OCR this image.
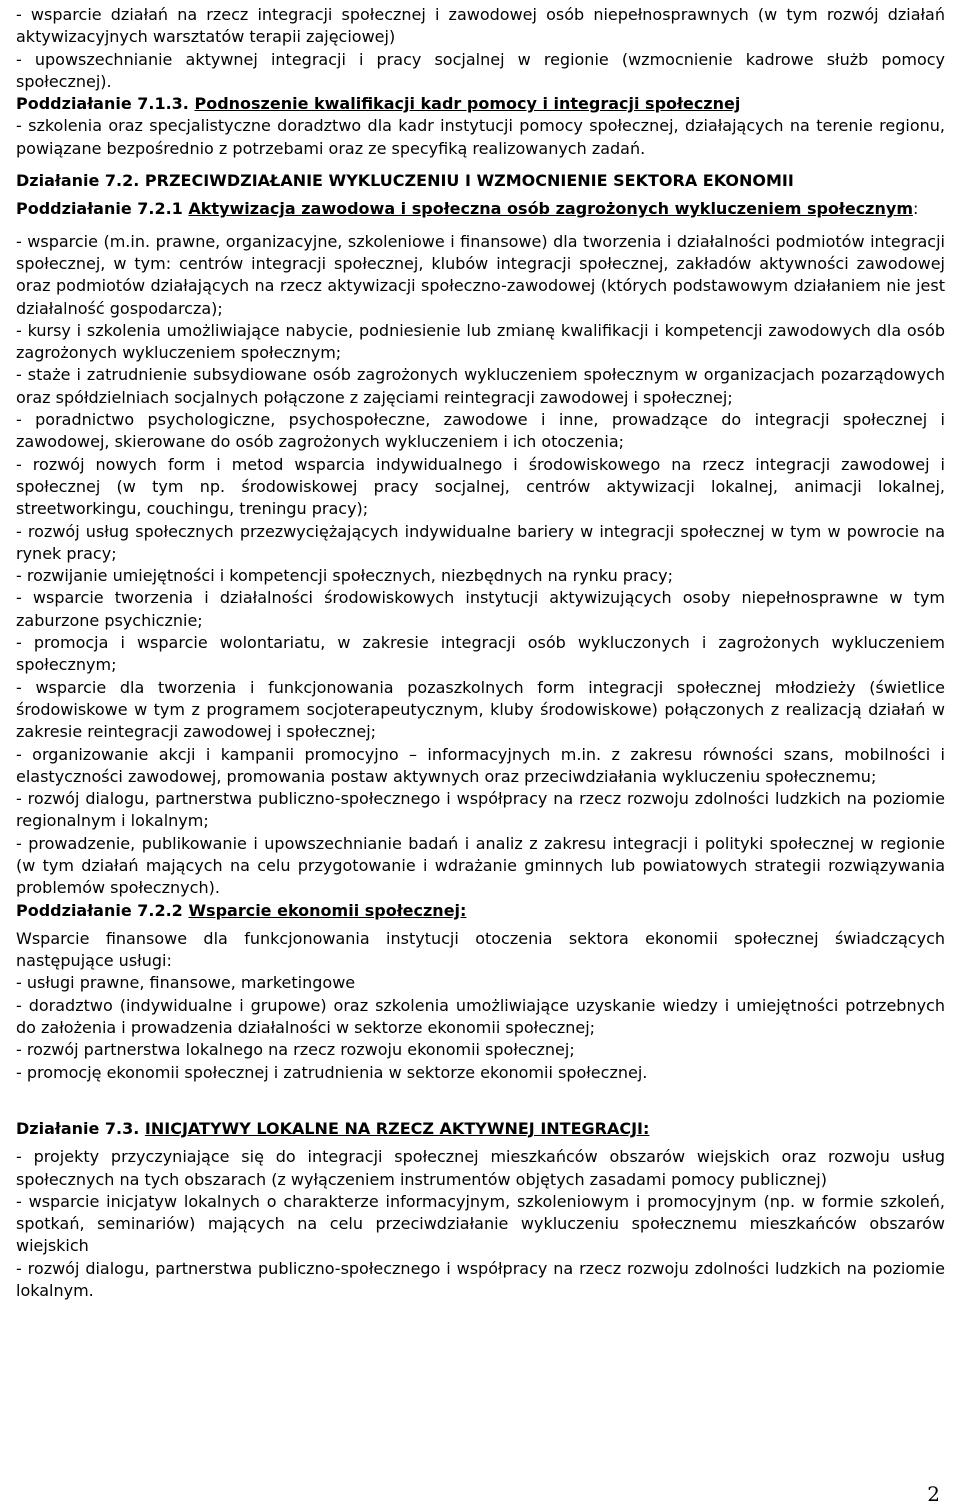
- wsparcie działań na rzecz integracji społecznej i zawodowej osób niepełnosprawnych (w tym rozwój działań aktywizacyjnych warsztatów terapii zajęciowej)

- upowszechnianie aktywnej integracji i pracy socjalnej w regionie (wzmocnienie kadrowe służb pomocy społecznej).

Poddziałanie 7.1.3. Podnoszenie kwalifikacji kadr pomocy i integracji społecznej

- szkolenia oraz specjalistyczne doradztwo dla kadr instytucji pomocy społecznej, działających na terenie regionu, powiązane bezpośrednio z potrzebami oraz ze specyfiką realizowanych zadań.

Działanie 7.2. PRZECIWDZIAŁANIE WYKLUCZENIU I WZMOCNIENIE SEKTORA EKONOMII

Poddziałanie 7.2.1 Aktywizacja zawodowa i społeczna osób zagrożonych wykluczeniem społecznym:

- wsparcie (m.in. prawne, organizacyjne, szkoleniowe i finansowe) dla tworzenia i działalności podmiotów integracji społecznej, w tym: centrów integracji społecznej, klubów integracji społecznej, zakładów aktywności zawodowej oraz podmiotów działających na rzecz aktywizacji społeczno-zawodowej (których podstawowym działaniem nie jest działalność gospodarcza);

- kursy i szkolenia umożliwiające nabycie, podniesienie lub zmianę kwalifikacji i kompetencji zawodowych dla osób zagrożonych wykluczeniem społecznym;

- staże i zatrudnienie subsydiowane osób zagrożonych wykluczeniem społecznym w organizacjach pozarządowych oraz spółdzielniach socjalnych połączone z zajęciami reintegracji zawodowej i społecznej;

- poradnictwo psychologiczne, psychospołeczne, zawodowe i inne, prowadzące do integracji społecznej i zawodowej, skierowane do osób zagrożonych wykluczeniem i ich otoczenia;

- rozwój nowych form i metod wsparcia indywidualnego i środowiskowego na rzecz integracji zawodowej i społecznej (w tym np. środowiskowej pracy socjalnej, centrów aktywizacji lokalnej, animacji lokalnej, streetworkingu, couchingu, treningu pracy);

- rozwój usług społecznych przezwyciężających indywidualne bariery w integracji społecznej w tym w powrocie na rynek pracy;

- rozwijanie umiejętności i kompetencji społecznych, niezbędnych na rynku pracy;

- wsparcie tworzenia i działalności środowiskowych instytucji aktywizujących osoby niepełnosprawne w tym zaburzone psychicznie;

- promocja i wsparcie wolontariatu, w zakresie integracji osób wykluczonych i zagrożonych wykluczeniem społecznym;

- wsparcie dla tworzenia i funkcjonowania pozaszkolnych form integracji społecznej młodzieży (świetlice środowiskowe w tym z programem socjoterapeutycznym, kluby środowiskowe) połączonych z realizacją działań w zakresie reintegracji zawodowej i społecznej;

- organizowanie akcji i kampanii promocyjno – informacyjnych m.in. z zakresu równości szans, mobilności i elastyczności zawodowej, promowania postaw aktywnych oraz przeciwdziałania wykluczeniu społecznemu;

- rozwój dialogu, partnerstwa publiczno-społecznego i współpracy na rzecz rozwoju zdolności ludzkich na poziomie regionalnym i lokalnym;

- prowadzenie, publikowanie i upowszechnianie badań i analiz z zakresu integracji i polityki społecznej w regionie (w tym działań mających na celu przygotowanie i wdrażanie gminnych lub powiatowych strategii rozwiązywania problemów społecznych).

Poddziałanie 7.2.2 Wsparcie ekonomii społecznej:

Wsparcie finansowe dla funkcjonowania instytucji otoczenia sektora ekonomii społecznej świadczących następujące usługi:

- usługi prawne, finansowe, marketingowe

- doradztwo (indywidualne i grupowe) oraz szkolenia umożliwiające uzyskanie wiedzy i umiejętności potrzebnych do założenia i prowadzenia działalności w sektorze ekonomii społecznej;

- rozwój partnerstwa lokalnego na rzecz rozwoju ekonomii społecznej;

- promocję ekonomii społecznej i zatrudnienia w sektorze ekonomii społecznej.

Działanie 7.3. INICJATYWY LOKALNE NA RZECZ AKTYWNEJ INTEGRACJI:

- projekty przyczyniające się do integracji społecznej mieszkańców obszarów wiejskich oraz rozwoju usług społecznych na tych obszarach (z wyłączeniem instrumentów objętych zasadami pomocy publicznej)

- wsparcie inicjatyw lokalnych o charakterze informacyjnym, szkoleniowym i promocyjnym (np. w formie szkoleń, spotkań, seminariów) mających na celu przeciwdziałanie wykluczeniu społecznemu mieszkańców obszarów wiejskich

- rozwój dialogu, partnerstwa publiczno-społecznego i współpracy na rzecz rozwoju zdolności ludzkich na poziomie lokalnym.

2
